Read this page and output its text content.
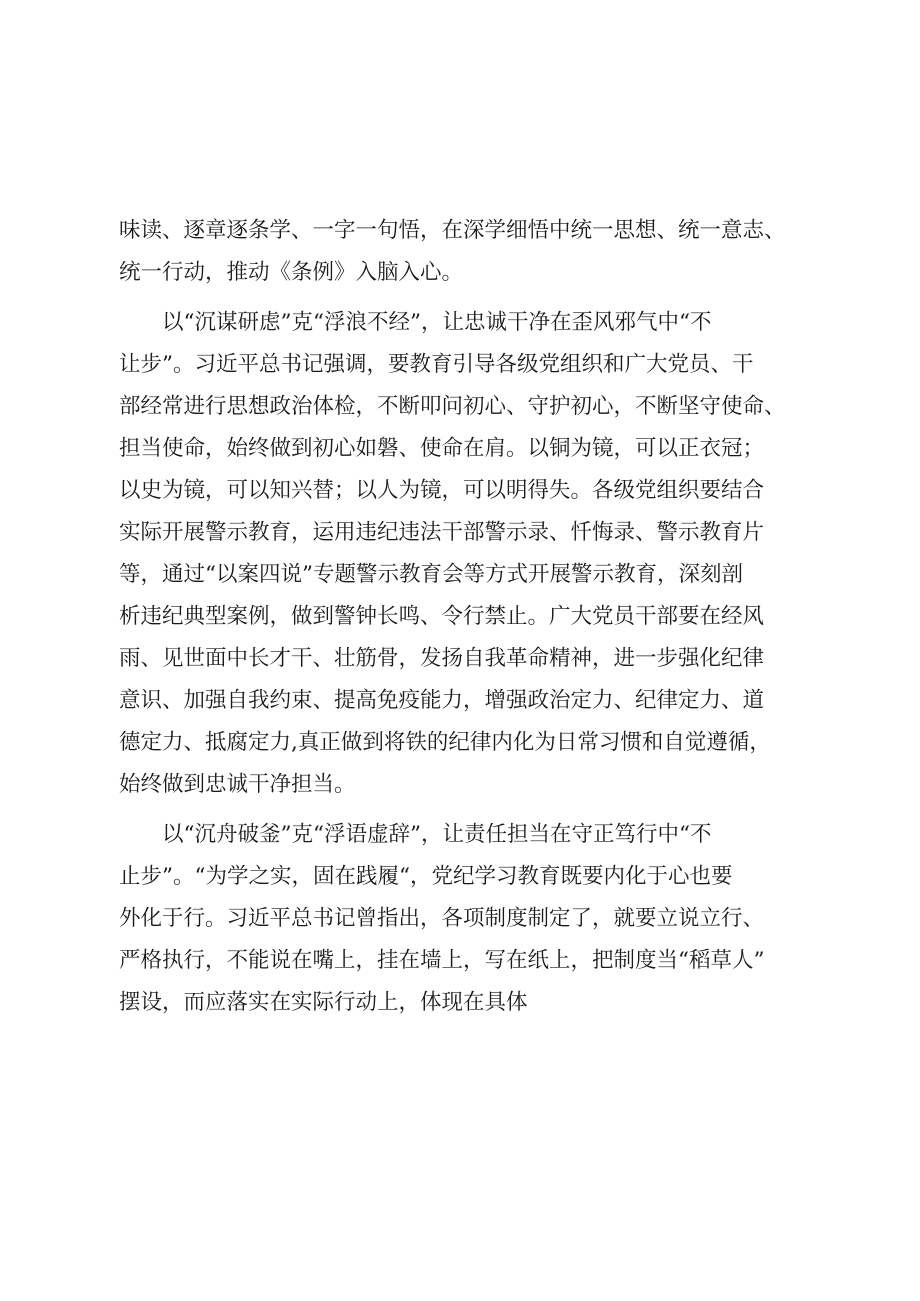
味读、逐章逐条学、一字一句悟，在深学细悟中统一思想、统一意志、
统一行动，推动《条例》入脑入心。
　　以“沉谋研虑”克“浮浪不经”，让忠诚干净在歪风邪气中“不
让步”。习近平总书记强调，要教育引导各级党组织和广大党员、干
部经常进行思想政治体检，不断叩问初心、守护初心，不断坚守使命、
担当使命，始终做到初心如磐、使命在肩。以铜为镜，可以正衣冠；
以史为镜，可以知兴替；以人为镜，可以明得失。各级党组织要结合
实际开展警示教育，运用违纪违法干部警示录、忏悔录、警示教育片
等，通过“以案四说”专题警示教育会等方式开展警示教育，深刻剖
析违纪典型案例，做到警钟长鸣、令行禁止。广大党员干部要在经风
雨、见世面中长才干、壮筋骨，发扬自我革命精神，进一步强化纪律
意识、加强自我约束、提高免疫能力，增强政治定力、纪律定力、道
德定力、抵腐定力,真正做到将铁的纪律内化为日常习惯和自觉遵循，
始终做到忠诚干净担当。
　　以“沉舟破釜”克“浮语虚辞”，让责任担当在守正笃行中“不
止步”。“为学之实，固在践履“，党纪学习教育既要内化于心也要
外化于行。习近平总书记曾指出，各项制度制定了，就要立说立行、
严格执行，不能说在嘴上，挂在墙上，写在纸上，把制度当“稻草人”
摆设，而应落实在实际行动上，体现在具体
